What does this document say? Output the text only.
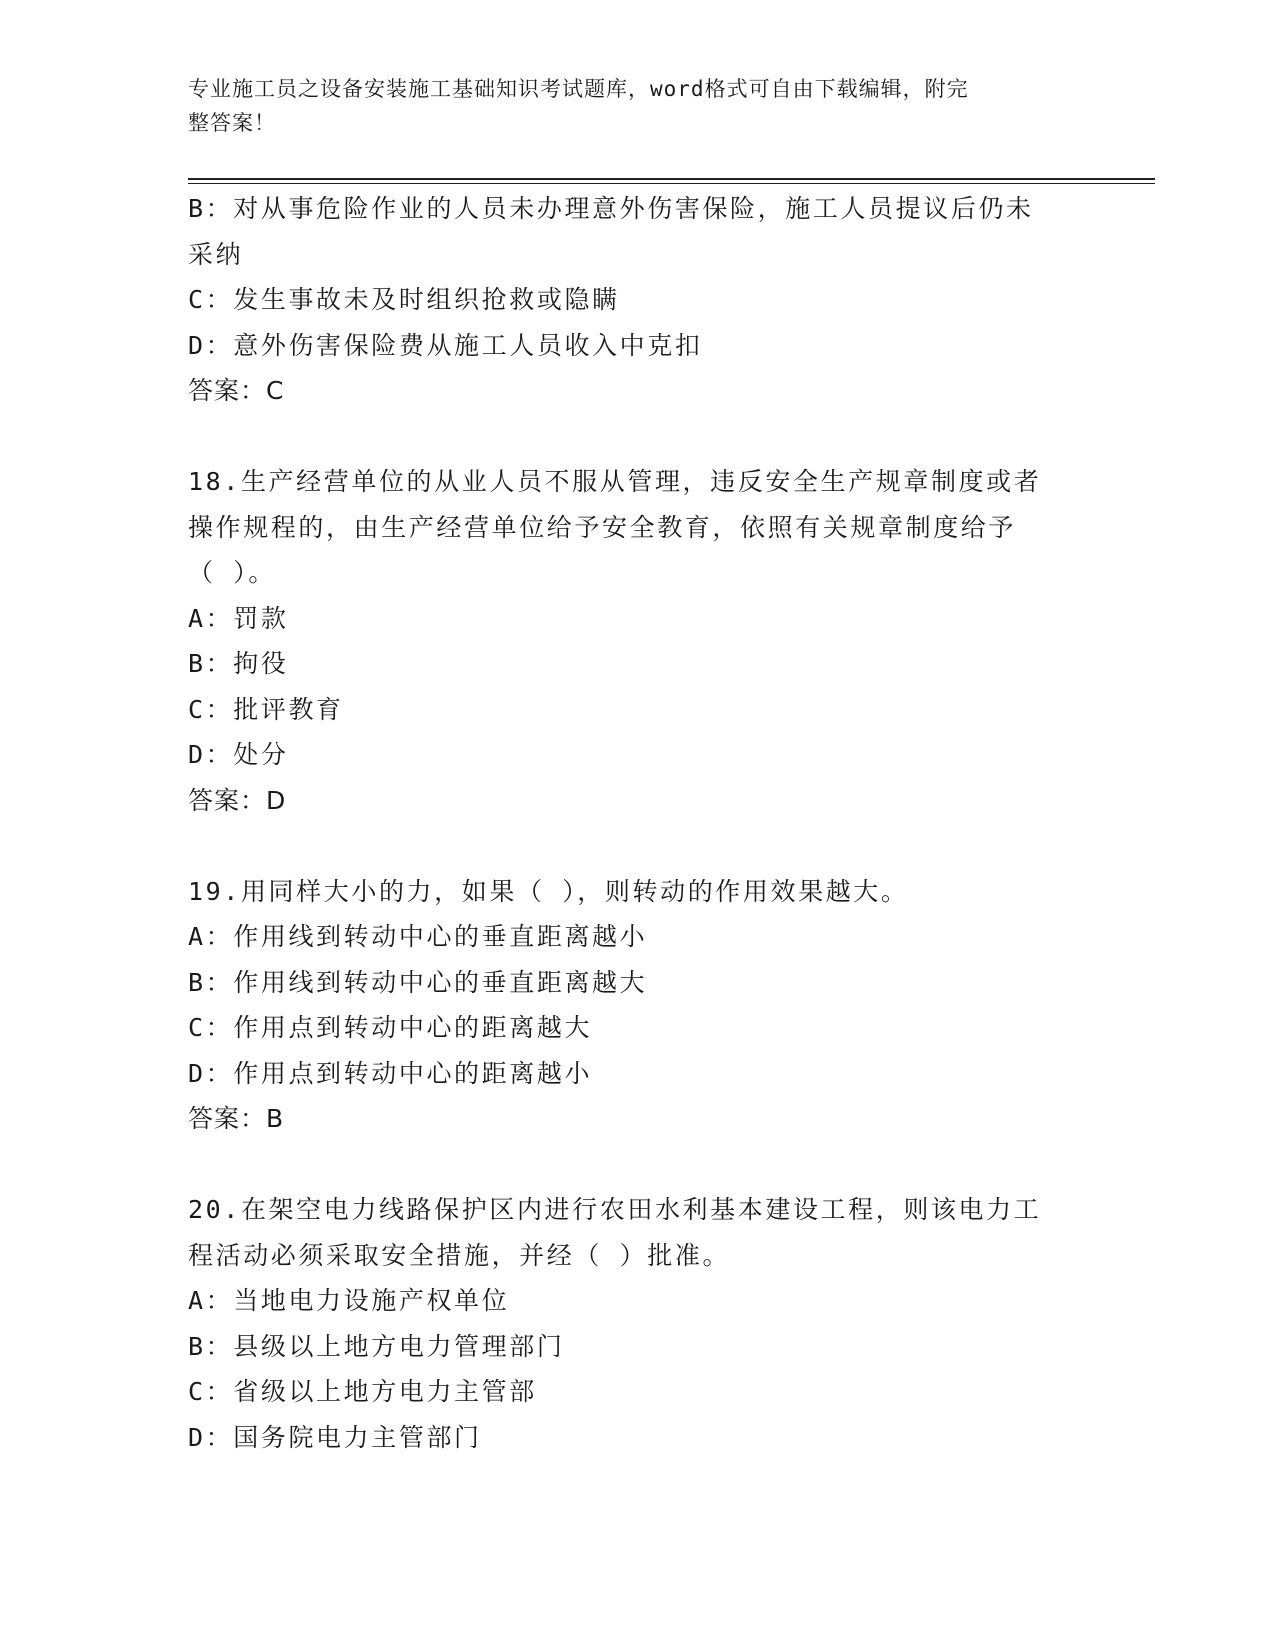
专业施工员之设备安装施工基础知识考试题库，word格式可自由下载编辑，附完
整答案！
B：对从事危险作业的人员未办理意外伤害保险，施工人员提议后仍未
采纳
C：发生事故未及时组织抢救或隐瞒
D：意外伤害保险费从施工人员收入中克扣
答案：C
18.生产经营单位的从业人员不服从管理，违反安全生产规章制度或者
操作规程的，由生产经营单位给予安全教育，依照有关规章制度给予
（ ）。
A：罚款
B：拘役
C：批评教育
D：处分
答案：D
19.用同样大小的力，如果（ ），则转动的作用效果越大。
A：作用线到转动中心的垂直距离越小
B：作用线到转动中心的垂直距离越大
C：作用点到转动中心的距离越大
D：作用点到转动中心的距离越小
答案：B
20.在架空电力线路保护区内进行农田水利基本建设工程，则该电力工
程活动必须采取安全措施，并经（ ）批准。
A：当地电力设施产权单位
B：县级以上地方电力管理部门
C：省级以上地方电力主管部
D：国务院电力主管部门
